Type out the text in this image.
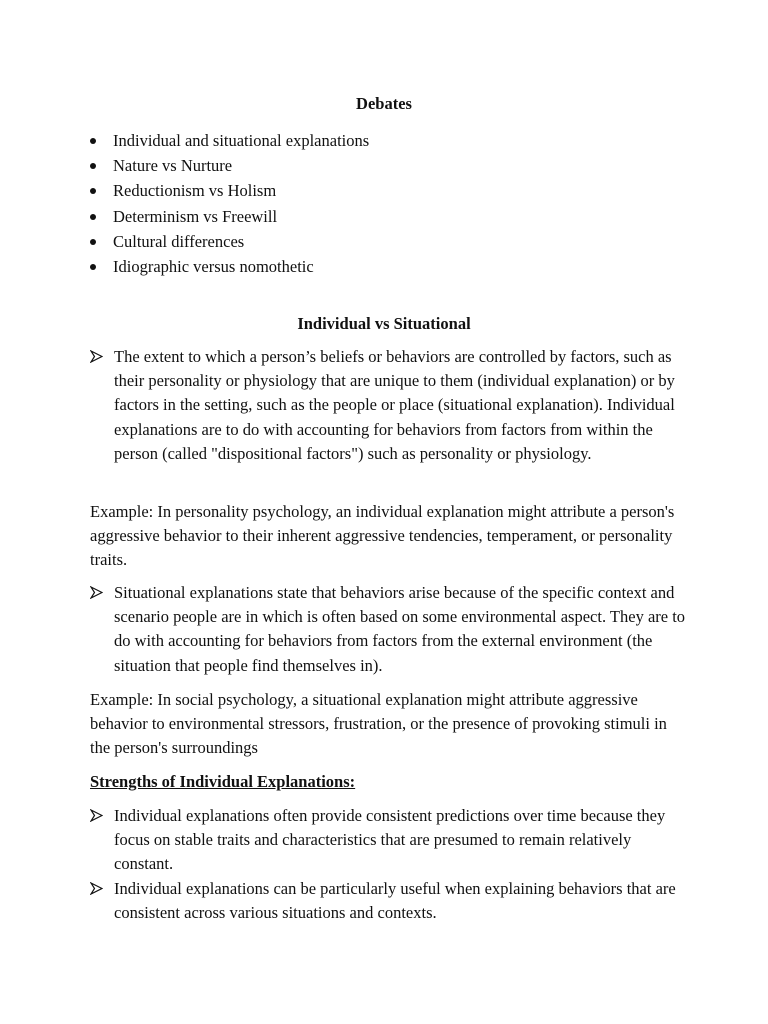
Debates
Individual and situational explanations
Nature vs Nurture
Reductionism vs Holism
Determinism vs Freewill
Cultural differences
Idiographic versus nomothetic
Individual vs Situational
The extent to which a person’s beliefs or behaviors are controlled by factors, such as their personality or physiology that are unique to them (individual explanation) or by factors in the setting, such as the people or place (situational explanation). Individual explanations are to do with accounting for behaviors from factors from within the person (called "dispositional factors") such as personality or physiology.

Example: In personality psychology, an individual explanation might attribute a person's aggressive behavior to their inherent aggressive tendencies, temperament, or personality traits.

Situational explanations state that behaviors arise because of the specific context and scenario people are in which is often based on some environmental aspect. They are to do with accounting for behaviors from factors from the external environment (the situation that people find themselves in).

Example: In social psychology, a situational explanation might attribute aggressive behavior to environmental stressors, frustration, or the presence of provoking stimuli in the person's surroundings

Strengths of Individual Explanations:
Individual explanations often provide consistent predictions over time because they focus on stable traits and characteristics that are presumed to remain relatively constant.
Individual explanations can be particularly useful when explaining behaviors that are consistent across various situations and contexts.
